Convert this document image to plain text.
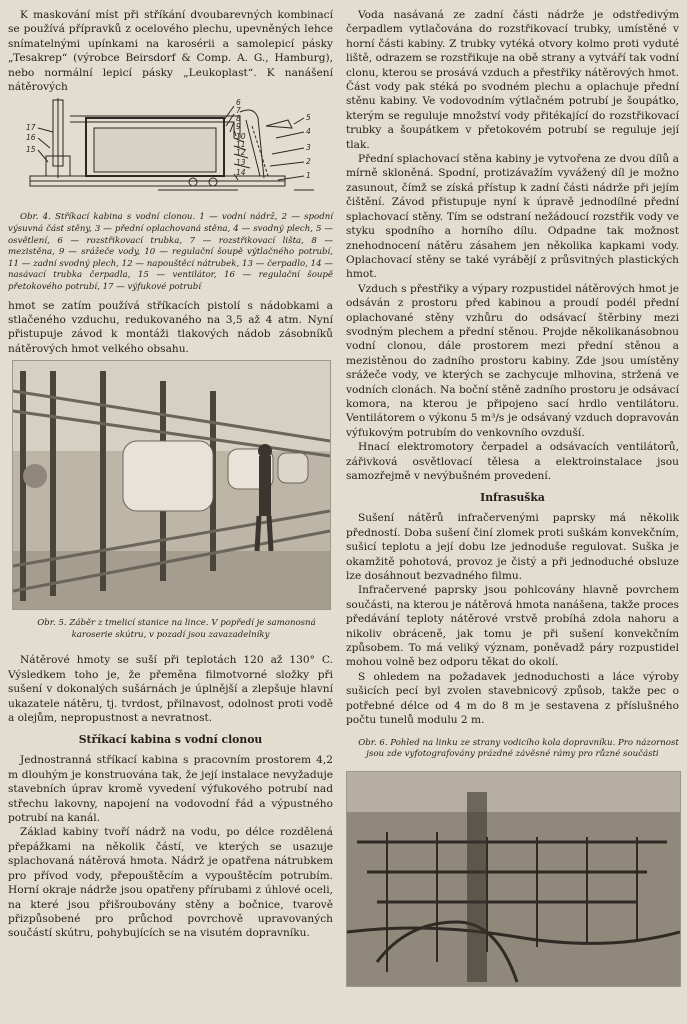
K maskování míst při stříkání dvoubarevných kombinací se používá přípravků z ocelového plechu, upevněných lehce snímatelnými upínkami na karosérii a samolepicí pásky „Tesakrep“ (výrobce Beirsdorf & Comp. A. G., Hamburg), nebo normální lepicí pásky „Leukoplast“. K nanášení nátěrových

6
7
8
9
10
11
12
13
14
5
4
3
2
1
17
16
15

Obr. 4. Stříkací kabina s vodní clonou. 1 — vodní nádrž, 2 — spodní výsuvná část stěny, 3 — přední oplachovaná stěna, 4 — svodný plech, 5 — osvětlení, 6 — rozstřikovací trubka, 7 — rozstřikovací lišta, 8 — mezistěna, 9 — srážeče vody, 10 — regulační šoupě výtlačného potrubí, 11 — zadní svodný plech, 12 — napouštěcí nátrubek, 13 — čerpadlo, 14 — nasávací trubka čerpadla, 15 — ventilátor, 16 — regulační šoupě přetokového potrubí, 17 — výfukové potrubí

hmot se zatím používá stříkacích pistolí s nádobkami a stlačeného vzduchu, redukovaného na 3,5 až 4 atm. Nyní přistupuje závod k montáži tlakových nádob zásobníků nátěrových hmot velkého obsahu.

Obr. 5. Záběr z tmelicí stanice na lince. V popředí je samonosná karoserie skútru, v pozadí jsou zavazadelníky

Nátěrové hmoty se suší při teplotách 120 až 130° C. Výsledkem toho je, že přeměna filmotvorné složky při sušení v dokonalých sušárnách je úplnější a zlepšuje hlavní ukazatele nátěru, tj. tvrdost, přilnavost, odolnost proti vodě a olejům, nepropustnost a nevratnost.

Stříkací kabina s vodní clonou

Jednostranná stříkací kabina s pracovním prostorem 4,2 m dlouhým je konstruována tak, že její instalace nevyžaduje stavebních úprav kromě vyvedení výfukového potrubí nad střechu lakovny, napojení na vodovodní řád a výpustného potrubí na kanál.

Základ kabiny tvoří nádrž na vodu, po délce rozdělená přepážkami na několik částí, ve kterých se usazuje splachovaná nátěrová hmota. Nádrž je opatřena nátrubkem pro přívod vody, přepouštěcím a vypouštěcím potrubím. Horní okraje nádrže jsou opatřeny přírubami z úhlové oceli, na které jsou přišroubovány stěny a bočnice, tvarově přizpůsobené pro průchod povrchově upravovaných součástí skútru, pohybujících se na visutém dopravníku.

Voda nasávaná ze zadní části nádrže je odstředivým čerpadlem vytlačována do rozstřikovací trubky, umístěné v horní části kabiny. Z trubky vytéká otvory kolmo proti vyduté liště, odrazem se rozstřikuje na obě strany a vytváří tak vodní clonu, kterou se prosává vzduch a přestřiky nátěrových hmot. Část vody pak stéká po svodném plechu a oplachuje přední stěnu kabiny. Ve vodovodním výtlačném potrubí je šoupátko, kterým se reguluje množství vody přitékající do rozstřikovací trubky a šoupátkem v přetokovém potrubí se reguluje její tlak.

Přední splachovací stěna kabiny je vytvořena ze dvou dílů a mírně skloněná. Spodní, protizávažím vyvážený díl je možno zasunout, čímž se získá přístup k zadní části nádrže při jejím čištění. Závod přistupuje nyní k úpravě jednodílné přední splachovací stěny. Tím se odstraní nežádoucí rozstřik vody ve styku spodního a horního dílu. Odpadne tak možnost znehodnocení nátěru zásahem jen několika kapkami vody. Oplachovací stěny se také vyrábějí z průsvitných plastických hmot.

Vzduch s přestřiky a výpary rozpustidel nátěrových hmot je odsáván z prostoru před kabinou a proudí podél přední oplachované stěny vzhůru do odsávací štěrbiny mezi svodným plechem a přední stěnou. Projde několikanásobnou vodní clonou, dále prostorem mezi přední stěnou a mezistěnou do zadního prostoru kabiny. Zde jsou umístěny srážeče vody, ve kterých se zachycuje mlhovina, stržená ve vodních clonách. Na boční stěně zadního prostoru je odsávací komora, na kterou je připojeno sací hrdlo ventilátoru. Ventilátorem o výkonu 5 m³/s je odsávaný vzduch dopravován výfukovým potrubím do venkovního ovzduší.

Hnací elektromotory čerpadel a odsávacích ventilátorů, zářivková osvětlovací tělesa a elektroinstalace jsou samozřejmě v nevýbušném provedení.

Infrasuška

Sušení nátěrů infračervenými paprsky má několik předností. Doba sušení činí zlomek proti suškám konvekčním, sušicí teplotu a její dobu lze jednoduše regulovat. Suška je okamžitě pohotová, provoz je čistý a při jednoduché obsluze lze dosáhnout bezvadného filmu.

Infračervené paprsky jsou pohlcovány hlavně povrchem součásti, na kterou je nátěrová hmota nanášena, takže proces předávání teploty nátěrové vrstvě probíhá zdola nahoru a nikoliv obráceně, jak tomu je při sušení konvekčním způsobem. To má veliký význam, poněvadž páry rozpustidel mohou volně bez odporu těkat do okolí.

S ohledem na požadavek jednoduchosti a láce výroby sušicích pecí byl zvolen stavebnicový způsob, takže pec o potřebné délce od 4 m do 8 m je sestavena z příslušného počtu tunelů modulu 2 m.

Obr. 6. Pohled na linku ze strany vodicího kola dopravníku. Pro názornost jsou zde vyfotografovány prázdné závěsné rámy pro různé součásti
